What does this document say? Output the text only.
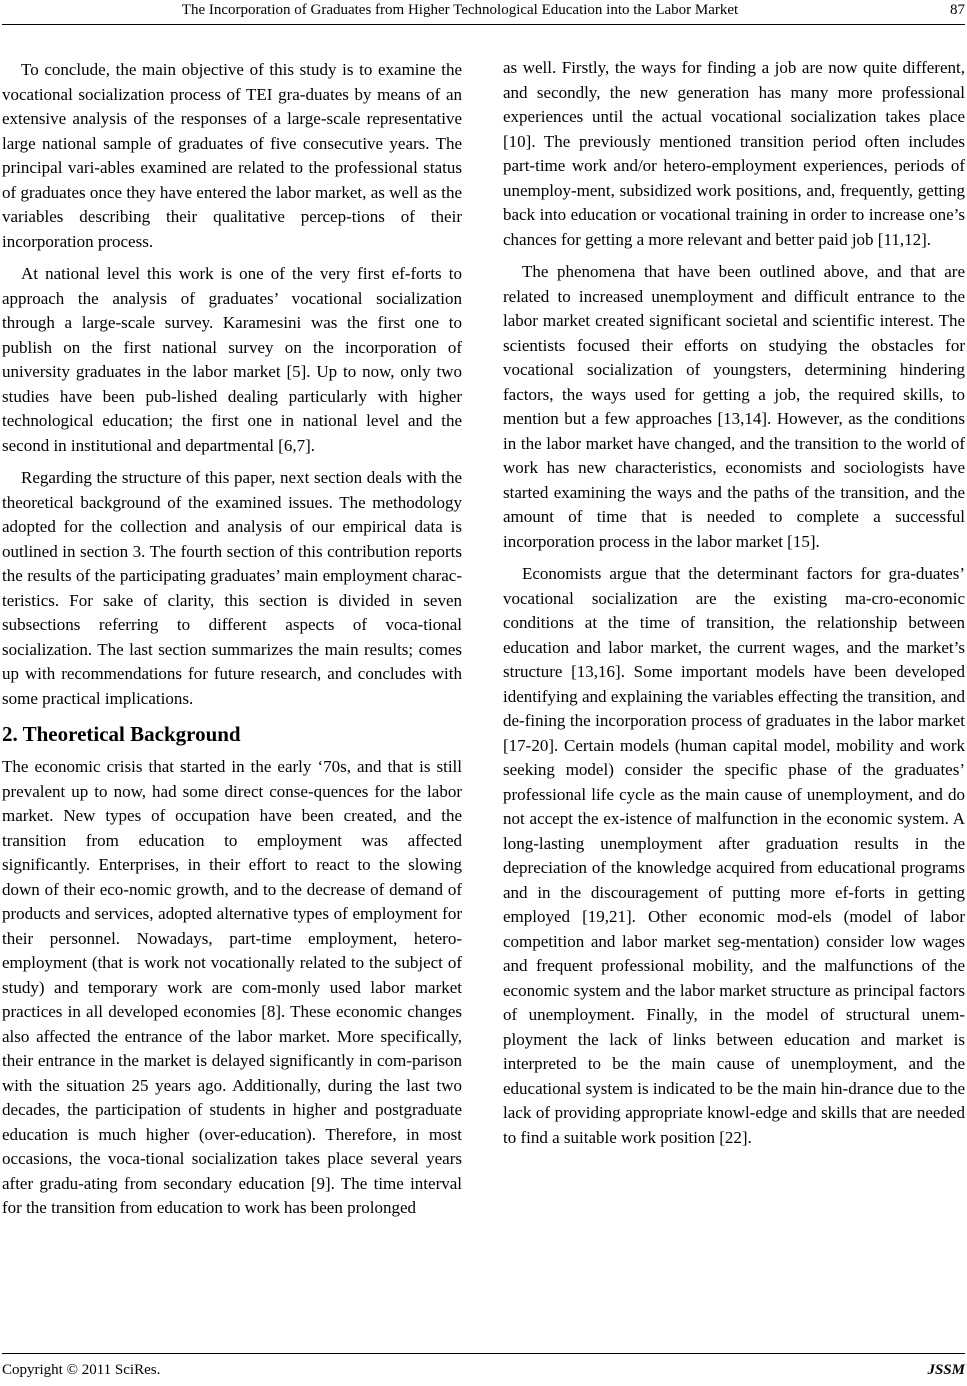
The Incorporation of Graduates from Higher Technological Education into the Labor Market	87

To conclude, the main objective of this study is to examine the vocational socialization process of TEI gra-duates by means of an extensive analysis of the responses of a large-scale representative large national sample of graduates of five consecutive years. The principal vari-ables examined are related to the professional status of graduates once they have entered the labor market, as well as the variables describing their qualitative percep-tions of their incorporation process.

At national level this work is one of the very first ef-forts to approach the analysis of graduates’ vocational socialization through a large-scale survey. Karamesini was the first one to publish on the first national survey on the incorporation of university graduates in the labor market [5]. Up to now, only two studies have been pub-lished dealing particularly with higher technological education; the first one in national level and the second in institutional and departmental [6,7].

Regarding the structure of this paper, next section deals with the theoretical background of the examined issues. The methodology adopted for the collection and analysis of our empirical data is outlined in section 3. The fourth section of this contribution reports the results of the participating graduates’ main employment charac-teristics. For sake of clarity, this section is divided in seven subsections referring to different aspects of voca-tional socialization. The last section summarizes the main results; comes up with recommendations for future research, and concludes with some practical implications.

2. Theoretical Background

The economic crisis that started in the early ‘70s, and that is still prevalent up to now, had some direct conse-quences for the labor market. New types of occupation have been created, and the transition from education to employment was affected significantly. Enterprises, in their effort to react to the slowing down of their eco-nomic growth, and to the decrease of demand of products and services, adopted alternative types of employment for their personnel. Nowadays, part-time employment, hetero-employment (that is work not vocationally related to the subject of study) and temporary work are com-monly used labor market practices in all developed economies [8]. These economic changes also affected the entrance of the labor market. More specifically, their entrance in the market is delayed significantly in com-parison with the situation 25 years ago. Additionally, during the last two decades, the participation of students in higher and postgraduate education is much higher (over-education). Therefore, in most occasions, the voca-tional socialization takes place several years after gradu-ating from secondary education [9]. The time interval for the transition from education to work has been prolonged

as well. Firstly, the ways for finding a job are now quite different, and secondly, the new generation has many more professional experiences until the actual vocational socialization takes place [10]. The previously mentioned transition period often includes part-time work and/or hetero-employment experiences, periods of unemploy-ment, subsidized work positions, and, frequently, getting back into education or vocational training in order to increase one’s chances for getting a more relevant and better paid job [11,12].

The phenomena that have been outlined above, and that are related to increased unemployment and difficult entrance to the labor market created significant societal and scientific interest. The scientists focused their efforts on studying the obstacles for vocational socialization of youngsters, determining hindering factors, the ways used for getting a job, the required skills, to mention but a few approaches [13,14]. However, as the conditions in the labor market have changed, and the transition to the world of work has new characteristics, economists and sociologists have started examining the ways and the paths of the transition, and the amount of time that is needed to complete a successful incorporation process in the labor market [15].

Economists argue that the determinant factors for gra-duates’ vocational socialization are the existing ma-cro-economic conditions at the time of transition, the relationship between education and labor market, the current wages, and the market’s structure [13,16]. Some important models have been developed identifying and explaining the variables effecting the transition, and de-fining the incorporation process of graduates in the labor market [17-20]. Certain models (human capital model, mobility and work seeking model) consider the specific phase of the graduates’ professional life cycle as the main cause of unemployment, and do not accept the ex-istence of malfunction in the economic system. A long-lasting unemployment after graduation results in the depreciation of the knowledge acquired from educational programs and in the discouragement of putting more ef-forts in getting employed [19,21]. Other economic mod-els (model of labor competition and labor market seg-mentation) consider low wages and frequent professional mobility, and the malfunctions of the economic system and the labor market structure as principal factors of unemployment. Finally, in the model of structural unem-ployment the lack of links between education and market is interpreted to be the main cause of unemployment, and the educational system is indicated to be the main hin-drance due to the lack of providing appropriate knowl-edge and skills that are needed to find a suitable work position [22].

Copyright © 2011 SciRes.	JSSM
